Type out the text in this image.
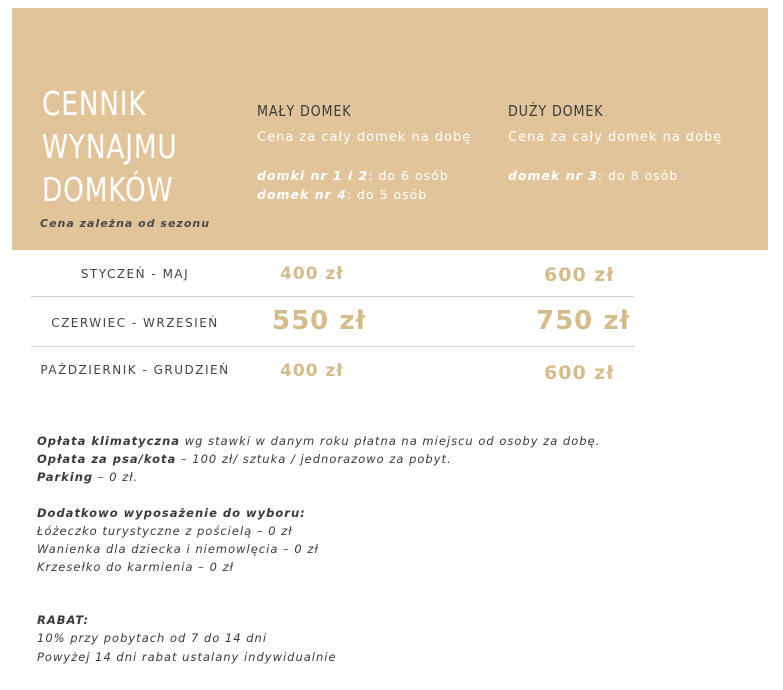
CENNIK
WYNAJMU
DOMKÓW
Cena zależna od sezonu
MAŁY DOMEK
Cena za cały domek na dobę
domki nr 1 i 2: do 6 osób
domek nr 4: do 5 osób
DUŻY DOMEK
Cena za cały domek na dobę
domek nr 3: do 8 osób
STYCZEŃ - MAJ	400 zł	600 zł
CZERWIEC - WRZESIEŃ	550 zł	750 zł
PAŹDZIERNIK - GRUDZIEŃ	400 zł	600 zł
Opłata klimatyczna wg stawki w danym roku płatna na miejscu od osoby za dobę.
Opłata za psa/kota – 100 zł/ sztuka / jednorazowo za pobyt.
Parking – 0 zł.
Dodatkowo wyposażenie do wyboru:
Łóżeczko turystyczne z pościelą – 0 zł
Wanienka dla dziecka i niemowlęcia – 0 zł
Krzesełko do karmienia – 0 zł
RABAT:
10% przy pobytach od 7 do 14 dni
Powyżej 14 dni rabat ustalany indywidualnie
